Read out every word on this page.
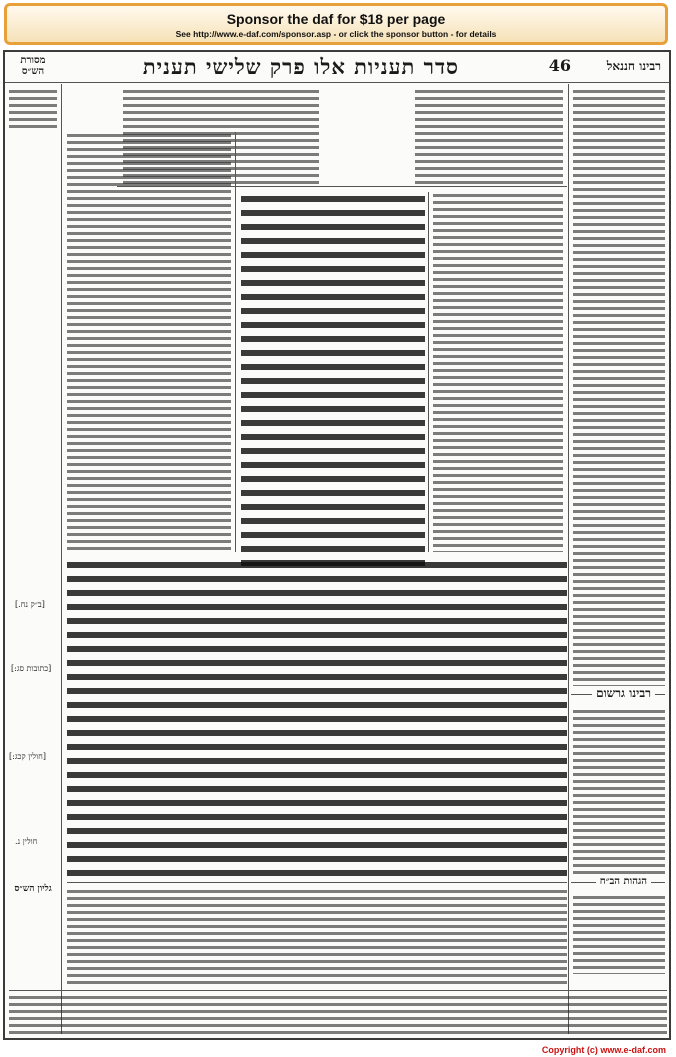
Sponsor the daf for $18 per page
See http://www.e-daf.com/sponsor.asp - or click the sponsor button - for details
רבינו חננאל
46
סדר תעניות אלו פרק שלישי תענית
מסורת הש״ס
רבינו גרשום
הגהות הב״ח
[ב״ק נח.]
[כתובות סג:]
[חולין קכג:]
חולין נ.
גליון הש״ס
Copyright (c) www.e-daf.com
